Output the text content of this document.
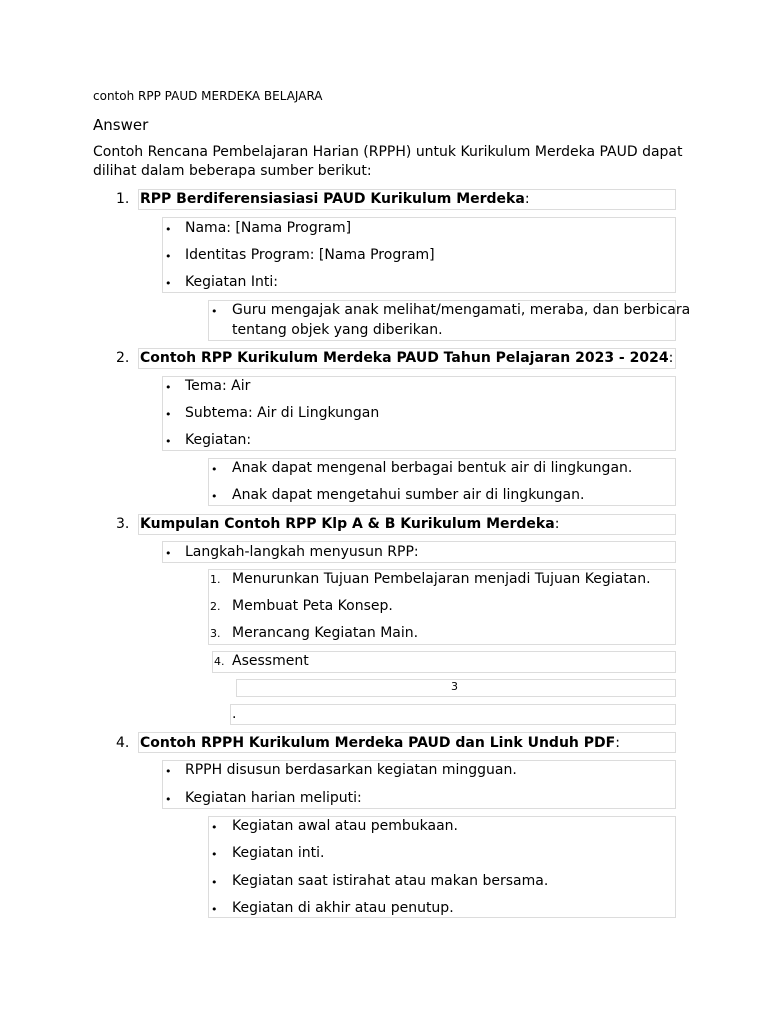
contoh RPP PAUD MERDEKA BELAJARA
Answer
Contoh Rencana Pembelajaran Harian (RPPH) untuk Kurikulum Merdeka PAUD dapat
dilihat dalam beberapa sumber berikut:
1. RPP Berdiferensiasiasi PAUD Kurikulum Merdeka:
• Nama: [Nama Program]
• Identitas Program: [Nama Program]
• Kegiatan Inti:
• Guru mengajak anak melihat/mengamati, meraba, dan berbicara
tentang objek yang diberikan.
2. Contoh RPP Kurikulum Merdeka PAUD Tahun Pelajaran 2023 - 2024:
• Tema: Air
• Subtema: Air di Lingkungan
• Kegiatan:
• Anak dapat mengenal berbagai bentuk air di lingkungan.
• Anak dapat mengetahui sumber air di lingkungan.
3. Kumpulan Contoh RPP Klp A & B Kurikulum Merdeka:
• Langkah-langkah menyusun RPP:
1. Menurunkan Tujuan Pembelajaran menjadi Tujuan Kegiatan.
2. Membuat Peta Konsep.
3. Merancang Kegiatan Main.
4. Asessment
3
.
4. Contoh RPPH Kurikulum Merdeka PAUD dan Link Unduh PDF:
• RPPH disusun berdasarkan kegiatan mingguan.
• Kegiatan harian meliputi:
• Kegiatan awal atau pembukaan.
• Kegiatan inti.
• Kegiatan saat istirahat atau makan bersama.
• Kegiatan di akhir atau penutup.
